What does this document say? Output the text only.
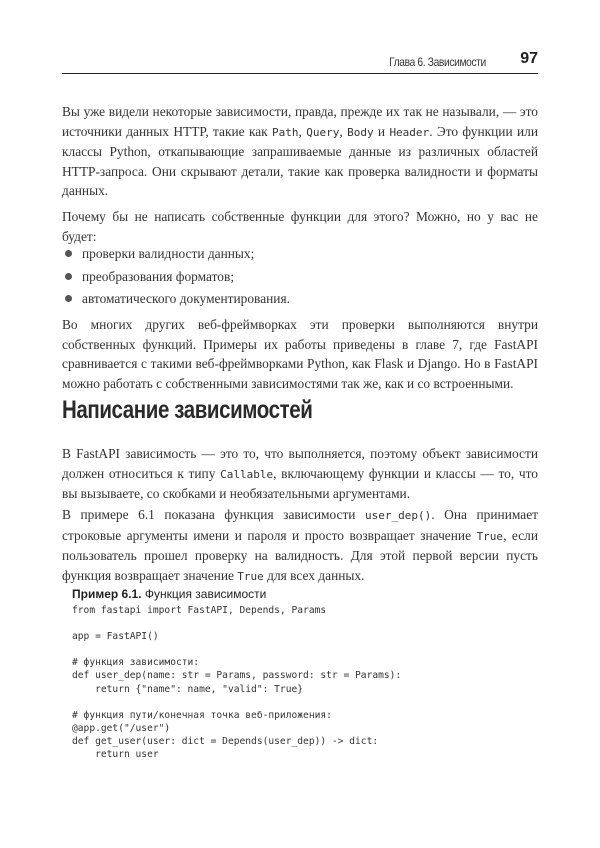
Глава 6. Зависимости 97
Вы уже видели некоторые зависимости, правда, прежде их так не называли, — это источники данных HTTP, такие как Path, Query, Body и Header. Это функции или классы Python, откапывающие запрашиваемые данные из различных областей HTTP-запроса. Они скрывают детали, такие как проверка валидности и форматы данных.
Почему бы не написать собственные функции для этого? Можно, но у вас не будет:
проверки валидности данных;
преобразования форматов;
автоматического документирования.
Во многих других веб-фреймворках эти проверки выполняются внутри собственных функций. Примеры их работы приведены в главе 7, где FastAPI сравнивается с такими веб-фреймворками Python, как Flask и Django. Но в FastAPI можно работать с собственными зависимостями так же, как и со встроенными.
Написание зависимостей
В FastAPI зависимость — это то, что выполняется, поэтому объект зависимости должен относиться к типу Callable, включающему функции и классы — то, что вы вызываете, со скобками и необязательными аргументами.
В примере 6.1 показана функция зависимости user_dep(). Она принимает строковые аргументы имени и пароля и просто возвращает значение True, если пользователь прошел проверку на валидность. Для этой первой версии пусть функция возвращает значение True для всех данных.
Пример 6.1. Функция зависимости
from fastapi import FastAPI, Depends, Params
app = FastAPI()
# функция зависимости:
def user_dep(name: str = Params, password: str = Params):
return {"name": name, "valid": True}
# функция пути/конечная точка веб-приложения:
@app.get("/user")
def get_user(user: dict = Depends(user_dep)) -> dict:
return user
